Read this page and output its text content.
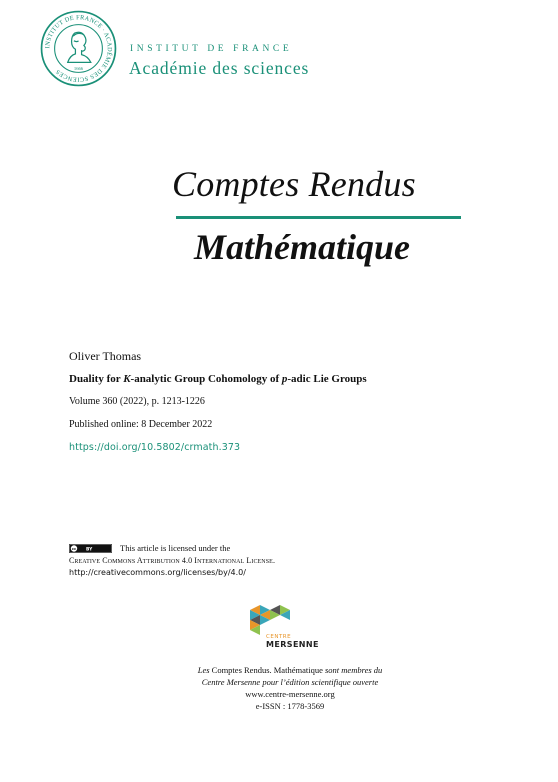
INSTITUT DE FRANCE · ACADÉMIE DES SCIENCES	1666
INSTITUT DE FRANCE
Académie des sciences
Comptes Rendus
Mathématique
Oliver Thomas
Duality for K-analytic Group Cohomology of p-adic Lie Groups
Volume 360 (2022), p. 1213-1226
Published online: 8 December 2022
https://doi.org/10.5802/crmath.373
cc BY	This article is licensed under the
Creative Commons Attribution 4.0 International License.
http://creativecommons.org/licenses/by/4.0/
CENTRE
MERSENNE
Les Comptes Rendus. Mathématique sont membres du
Centre Mersenne pour l’édition scientifique ouverte
www.centre-mersenne.org
e-ISSN : 1778-3569
